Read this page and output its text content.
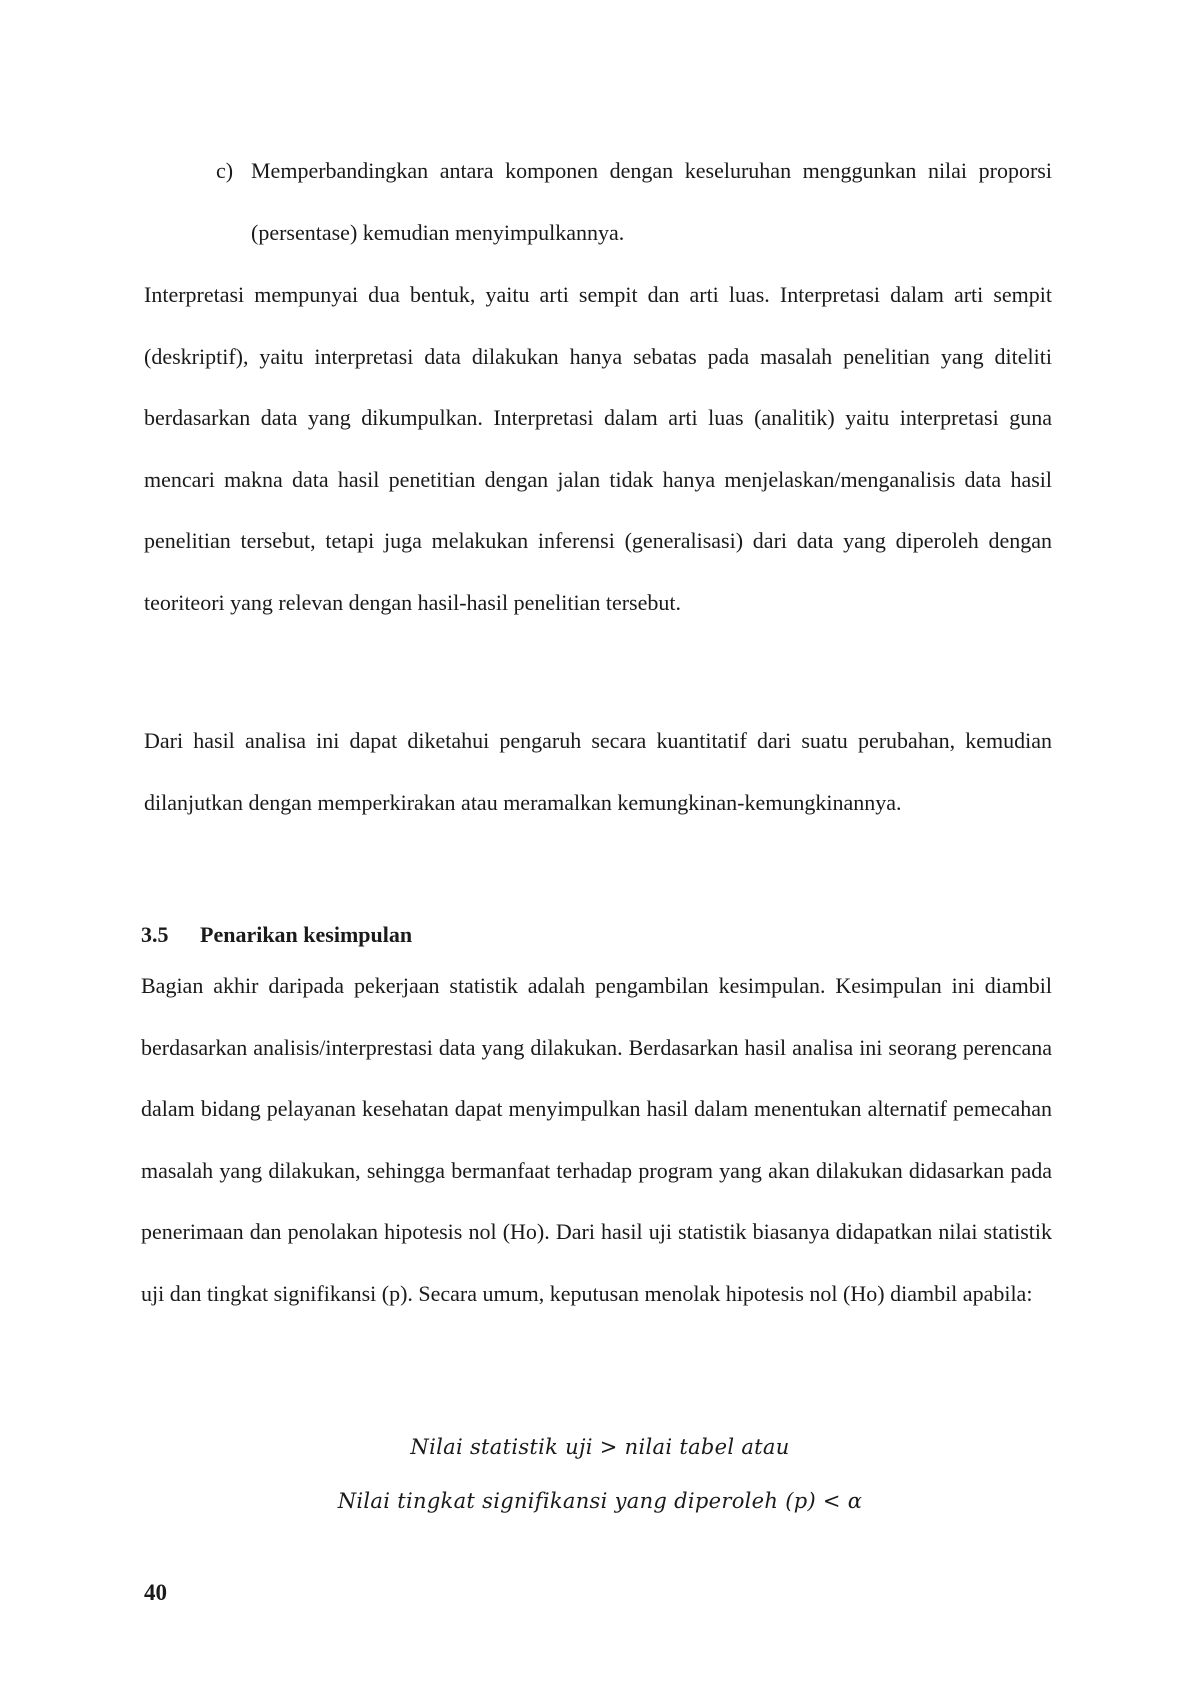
c) Memperbandingkan antara komponen dengan keseluruhan menggunkan nilai proporsi (persentase) kemudian menyimpulkannya.

Interpretasi mempunyai dua bentuk, yaitu arti sempit dan arti luas. Interpretasi dalam arti sempit (deskriptif), yaitu interpretasi data dilakukan hanya sebatas pada masalah penelitian yang diteliti berdasarkan data yang dikumpulkan. Interpretasi dalam arti luas (analitik) yaitu interpretasi guna mencari makna data hasil penetitian dengan jalan tidak hanya menjelaskan/menganalisis data hasil penelitian tersebut, tetapi juga melakukan inferensi (generalisasi) dari data yang diperoleh dengan teoriteori yang relevan dengan hasil-hasil penelitian tersebut.

Dari hasil analisa ini dapat diketahui pengaruh secara kuantitatif dari suatu perubahan, kemudian dilanjutkan dengan memperkirakan atau meramalkan kemungkinan-kemungkinannya.

3.5 Penarikan kesimpulan

Bagian akhir daripada pekerjaan statistik adalah pengambilan kesimpulan. Kesimpulan ini diambil berdasarkan analisis/interprestasi data yang dilakukan. Berdasarkan hasil analisa ini seorang perencana dalam bidang pelayanan kesehatan dapat menyimpulkan hasil dalam menentukan alternatif pemecahan masalah yang dilakukan, sehingga bermanfaat terhadap program yang akan dilakukan didasarkan pada penerimaan dan penolakan hipotesis nol (Ho). Dari hasil uji statistik biasanya didapatkan nilai statistik uji dan tingkat signifikansi (p). Secara umum, keputusan menolak hipotesis nol (Ho) diambil apabila:

Nilai statistik uji > nilai tabel atau
Nilai tingkat signifikansi yang diperoleh (p) < α
40
